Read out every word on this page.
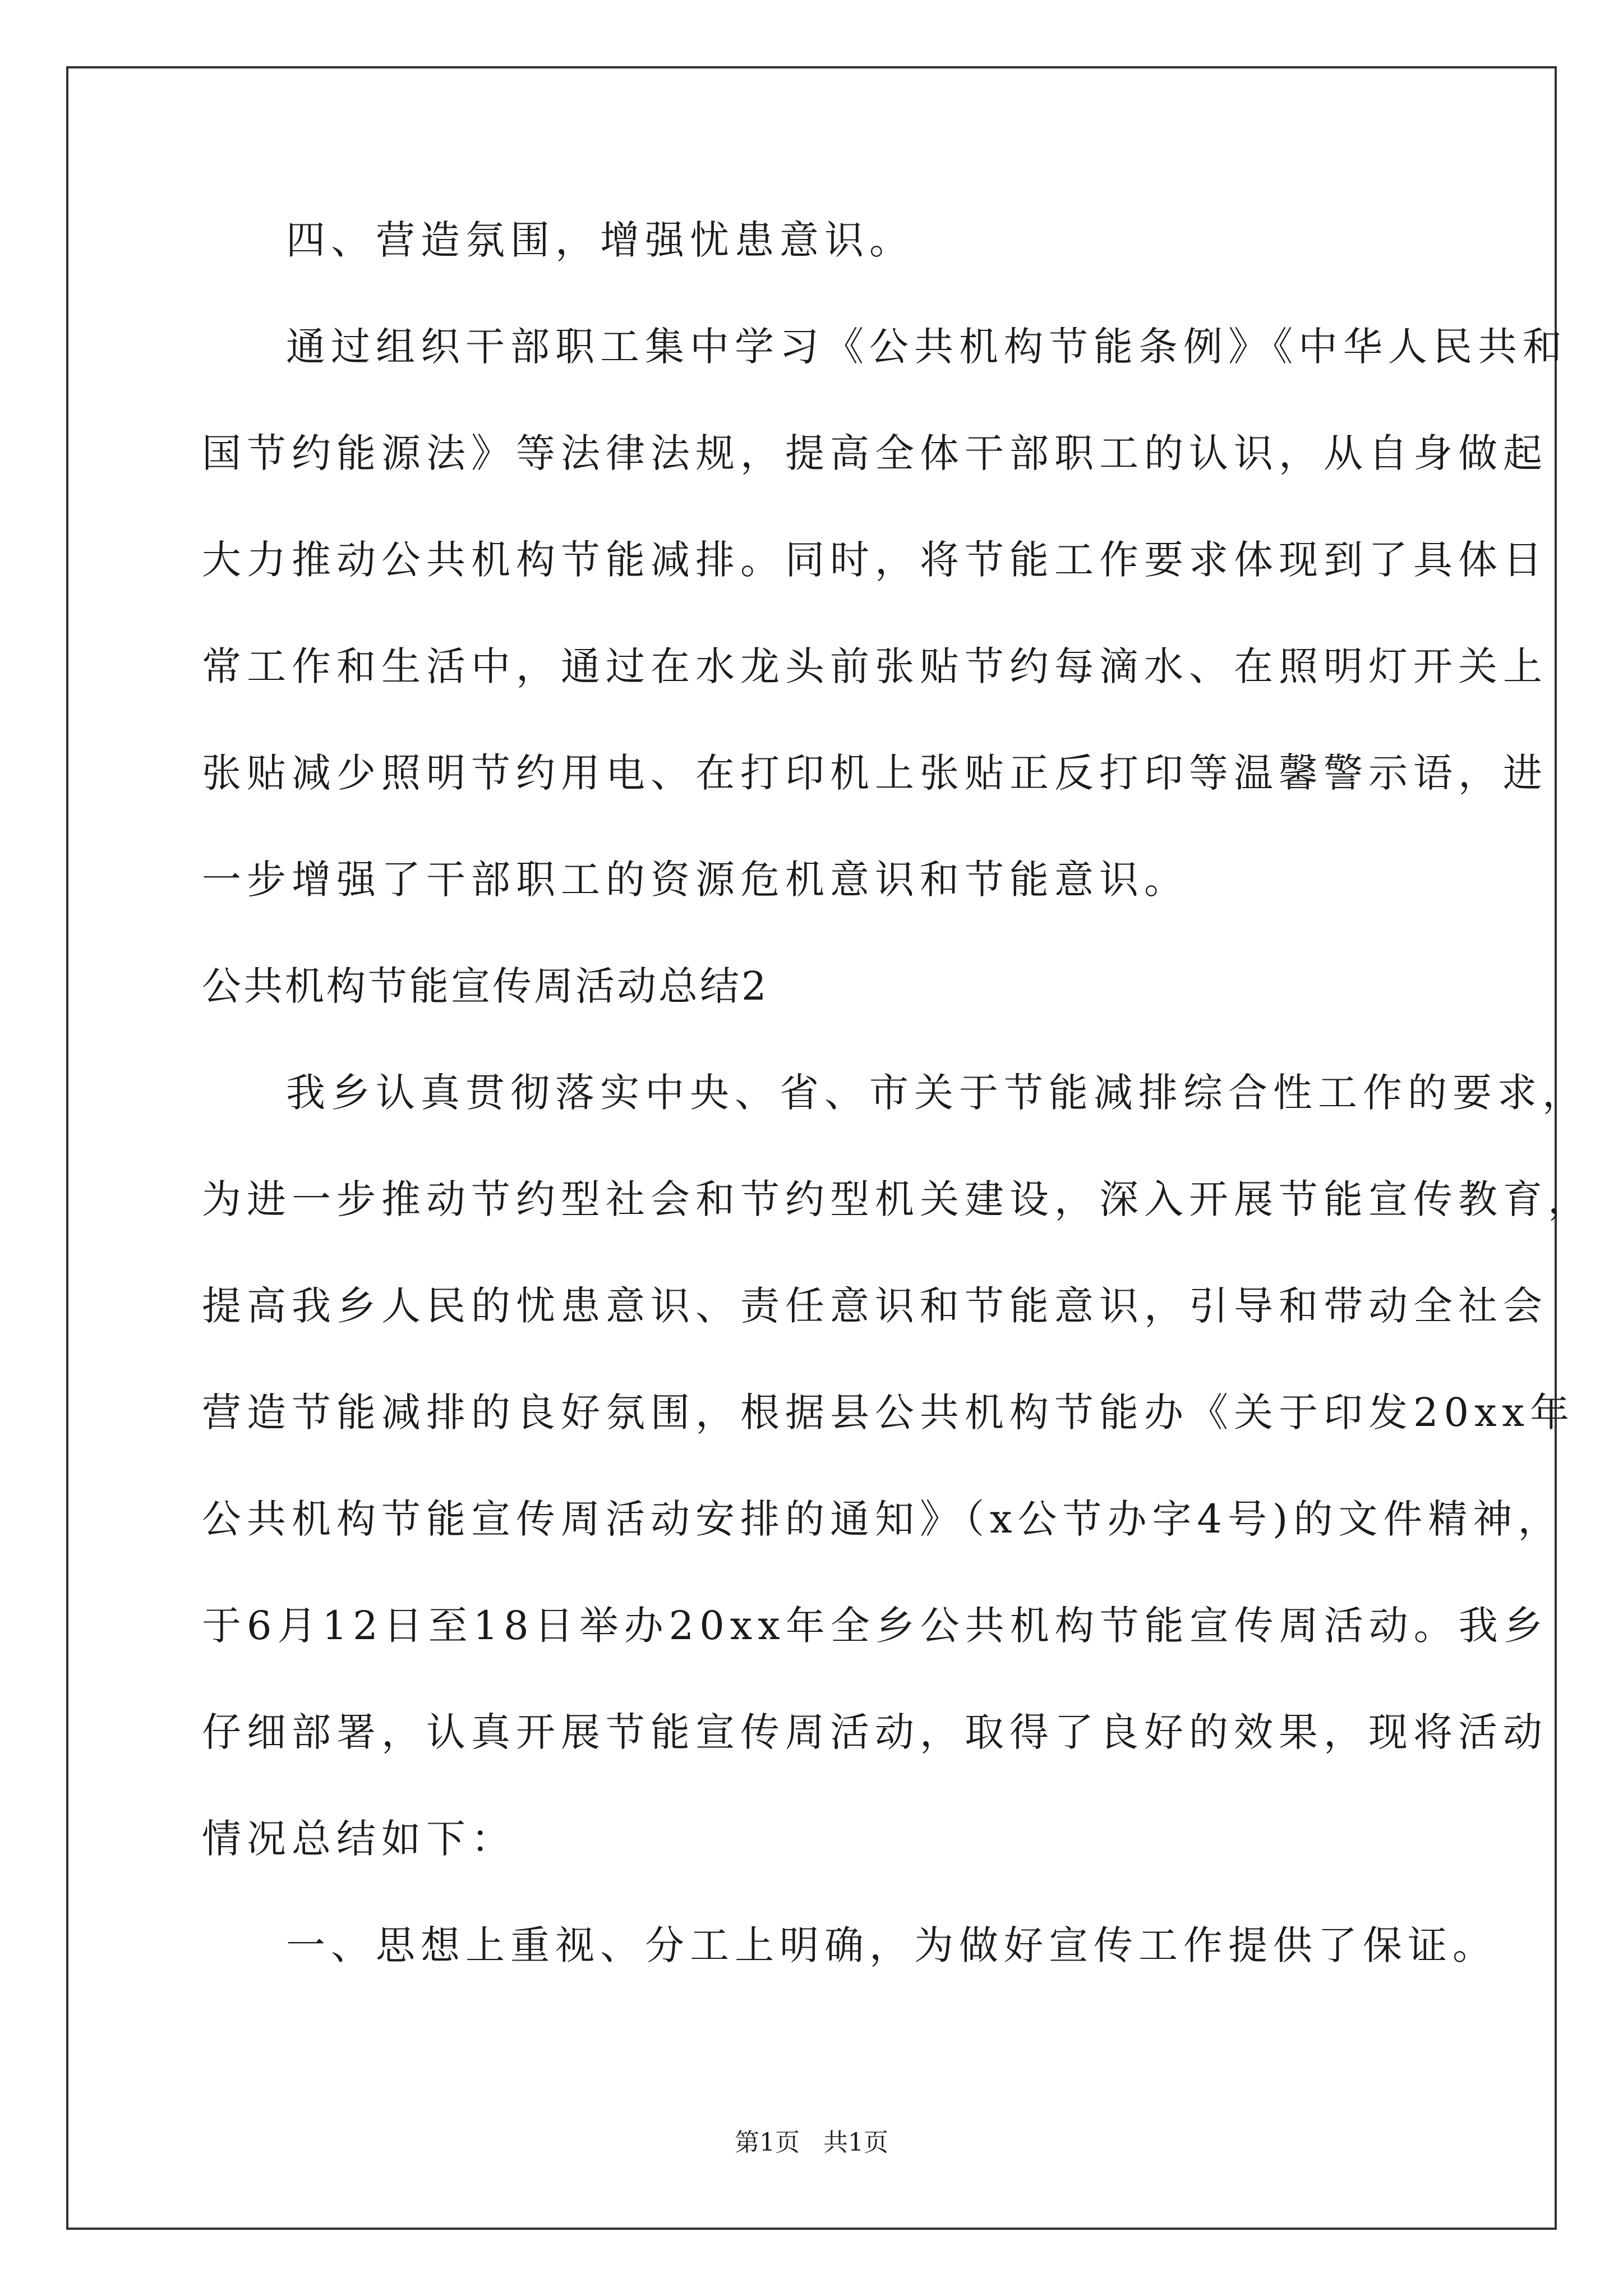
四、营造氛围，增强忧患意识。
通过组织干部职工集中学习《公共机构节能条例》《中华人民共和
国节约能源法》等法律法规，提高全体干部职工的认识，从自身做起
大力推动公共机构节能减排。同时，将节能工作要求体现到了具体日
常工作和生活中，通过在水龙头前张贴节约每滴水、在照明灯开关上
张贴减少照明节约用电、在打印机上张贴正反打印等温馨警示语，进
一步增强了干部职工的资源危机意识和节能意识。
公共机构节能宣传周活动总结2
我乡认真贯彻落实中央、省、市关于节能减排综合性工作的要求，
为进一步推动节约型社会和节约型机关建设，深入开展节能宣传教育，
提高我乡人民的忧患意识、责任意识和节能意识，引导和带动全社会
营造节能减排的良好氛围，根据县公共机构节能办《关于印发20xx年
公共机构节能宣传周活动安排的通知》（x公节办字4号)的文件精神，
于6月12日至18日举办20xx年全乡公共机构节能宣传周活动。我乡
仔细部署，认真开展节能宣传周活动，取得了良好的效果，现将活动
情况总结如下：
一、思想上重视、分工上明确，为做好宣传工作提供了保证。
第1页   共1页
